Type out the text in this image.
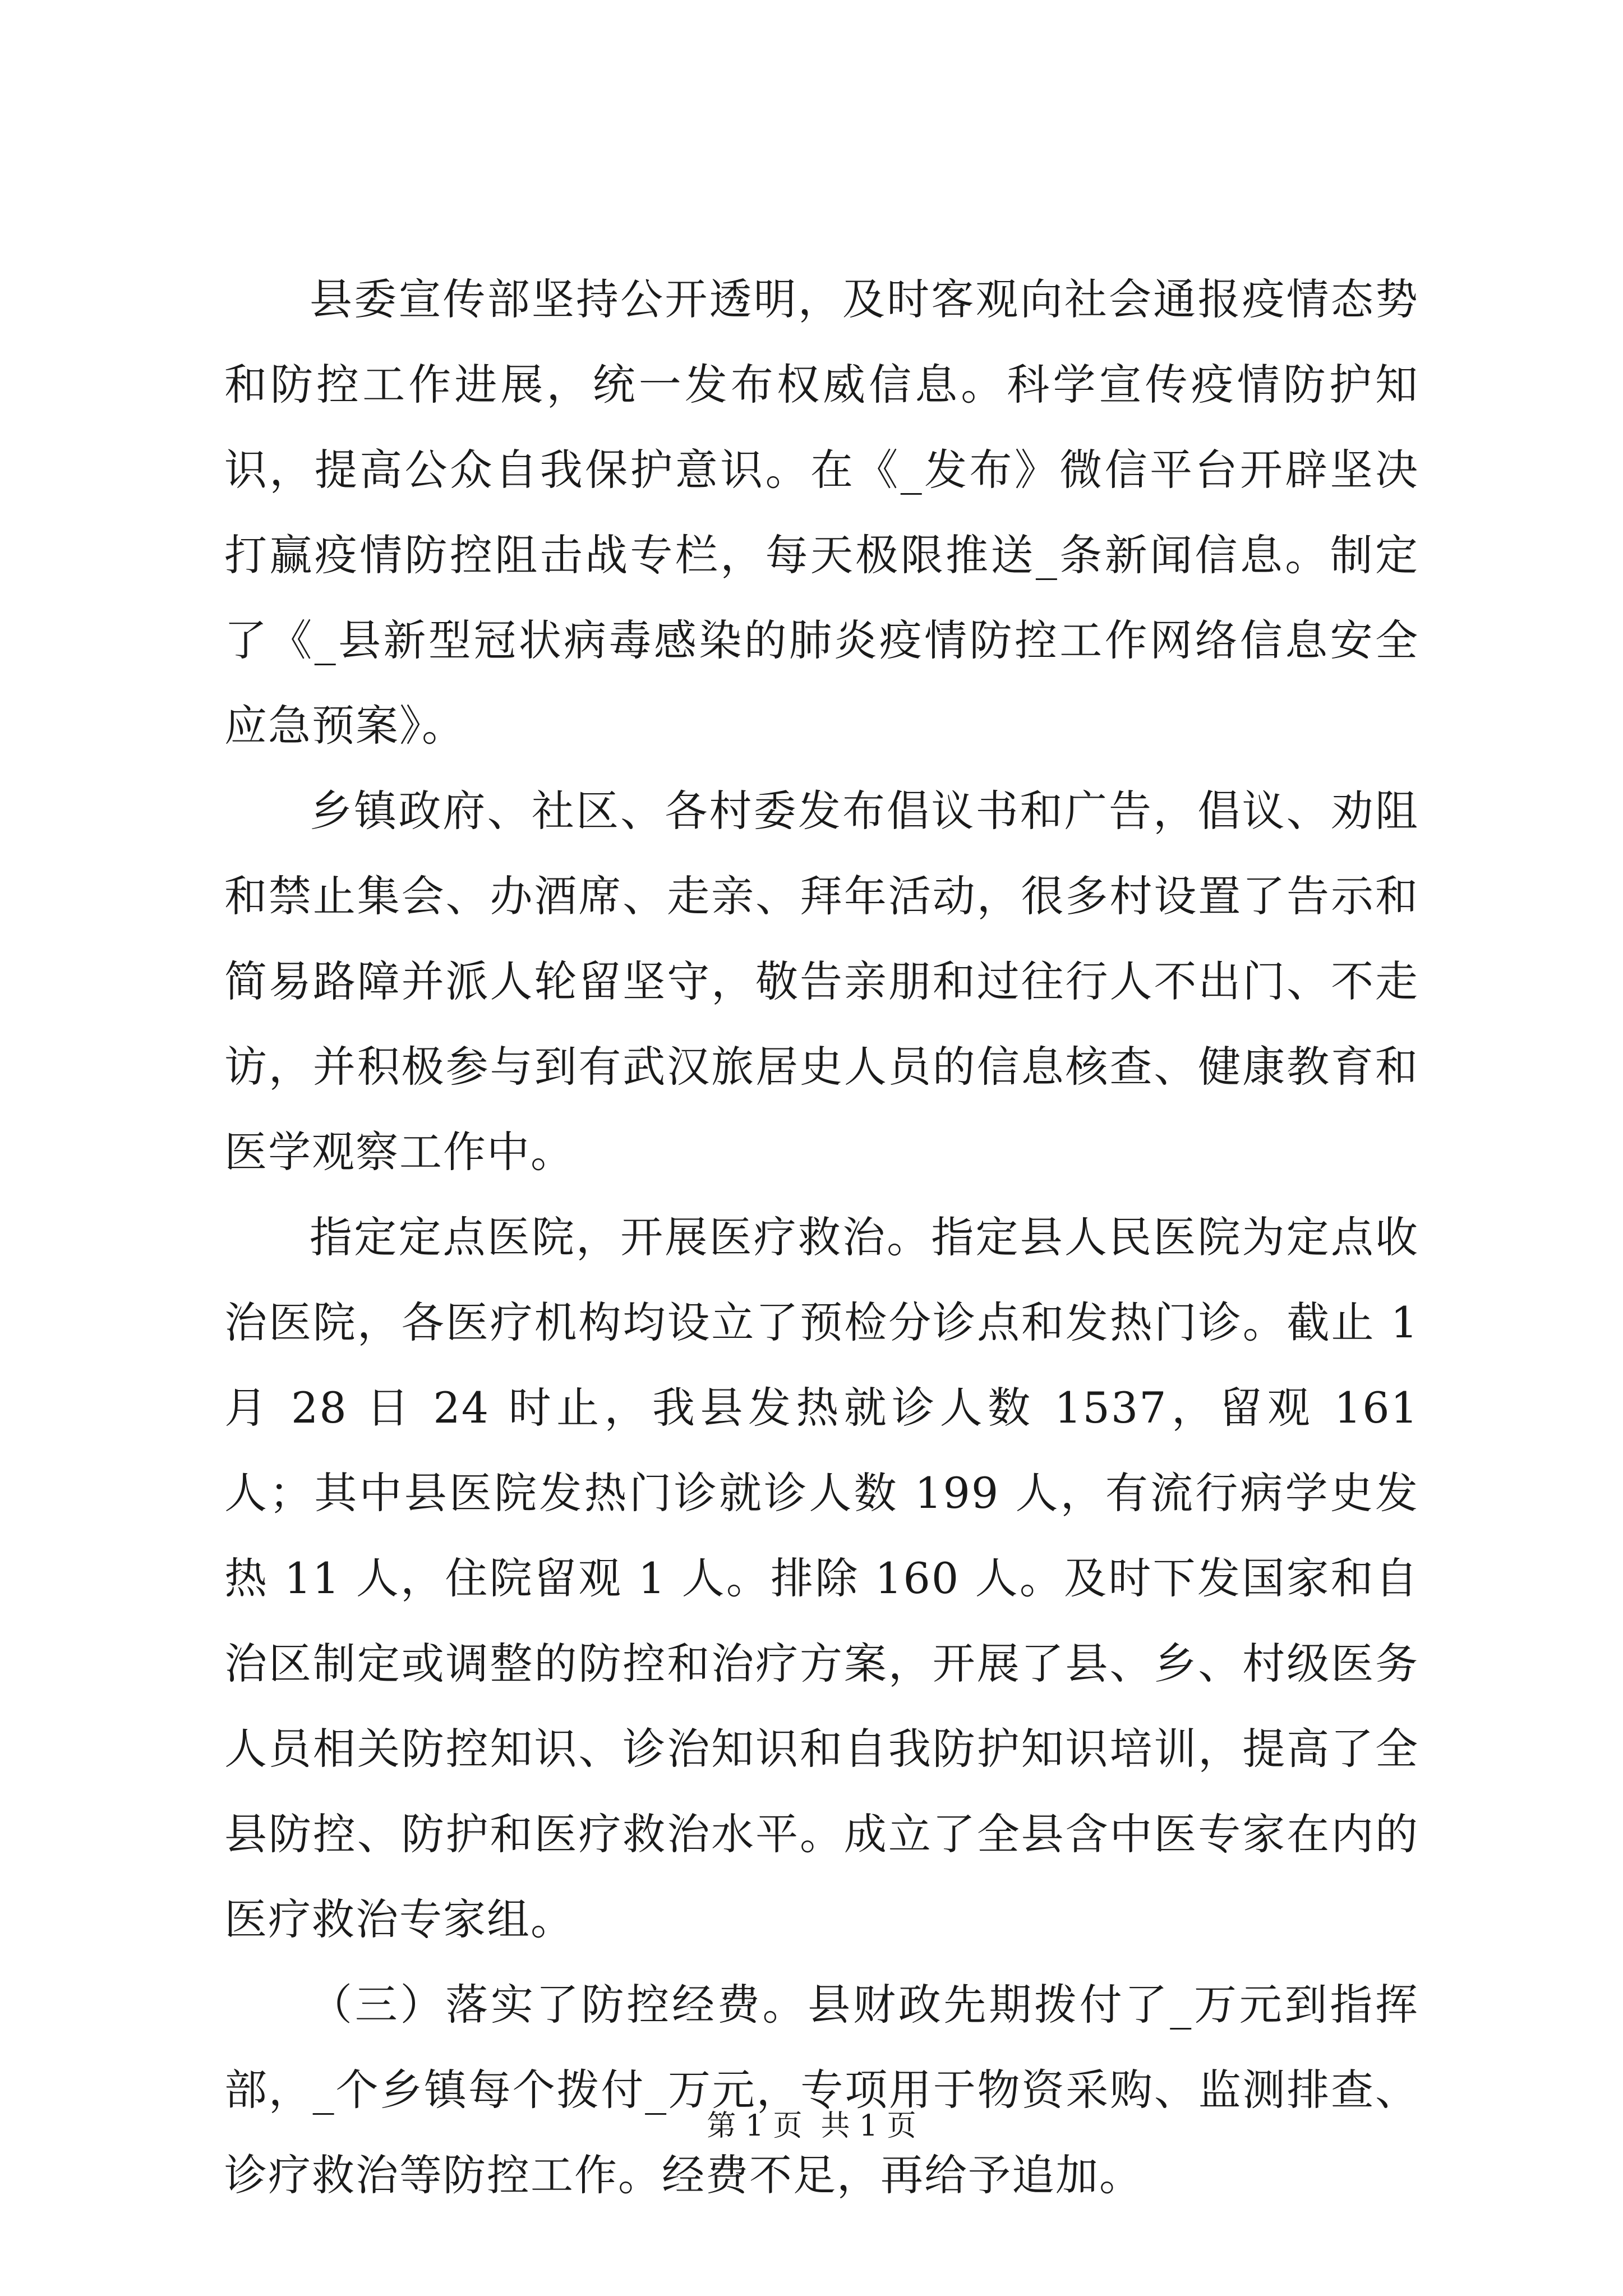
县委宣传部坚持公开透明，及时客观向社会通报疫情态势和防控工作进展，统一发布权威信息。科学宣传疫情防护知识，提高公众自我保护意识。在《_发布》微信平台开辟坚决打赢疫情防控阻击战专栏，每天极限推送_条新闻信息。制定了《_县新型冠状病毒感染的肺炎疫情防控工作网络信息安全应急预案》。

乡镇政府、社区、各村委发布倡议书和广告，倡议、劝阻和禁止集会、办酒席、走亲、拜年活动，很多村设置了告示和简易路障并派人轮留坚守，敬告亲朋和过往行人不出门、不走访，并积极参与到有武汉旅居史人员的信息核查、健康教育和医学观察工作中。

指定定点医院，开展医疗救治。指定县人民医院为定点收治医院，各医疗机构均设立了预检分诊点和发热门诊。截止 1 月 28 日 24 时止，我县发热就诊人数 1537，留观 161 人；其中县医院发热门诊就诊人数 199 人，有流行病学史发热 11 人，住院留观 1 人。排除 160 人。及时下发国家和自治区制定或调整的防控和治疗方案，开展了县、乡、村级医务人员相关防控知识、诊治知识和自我防护知识培训，提高了全县防控、防护和医疗救治水平。成立了全县含中医专家在内的医疗救治专家组。

（三）落实了防控经费。县财政先期拨付了_万元到指挥部，_个乡镇每个拨付_万元，专项用于物资采购、监测排查、诊疗救治等防控工作。经费不足，再给予追加。

第 1 页  共 1 页
